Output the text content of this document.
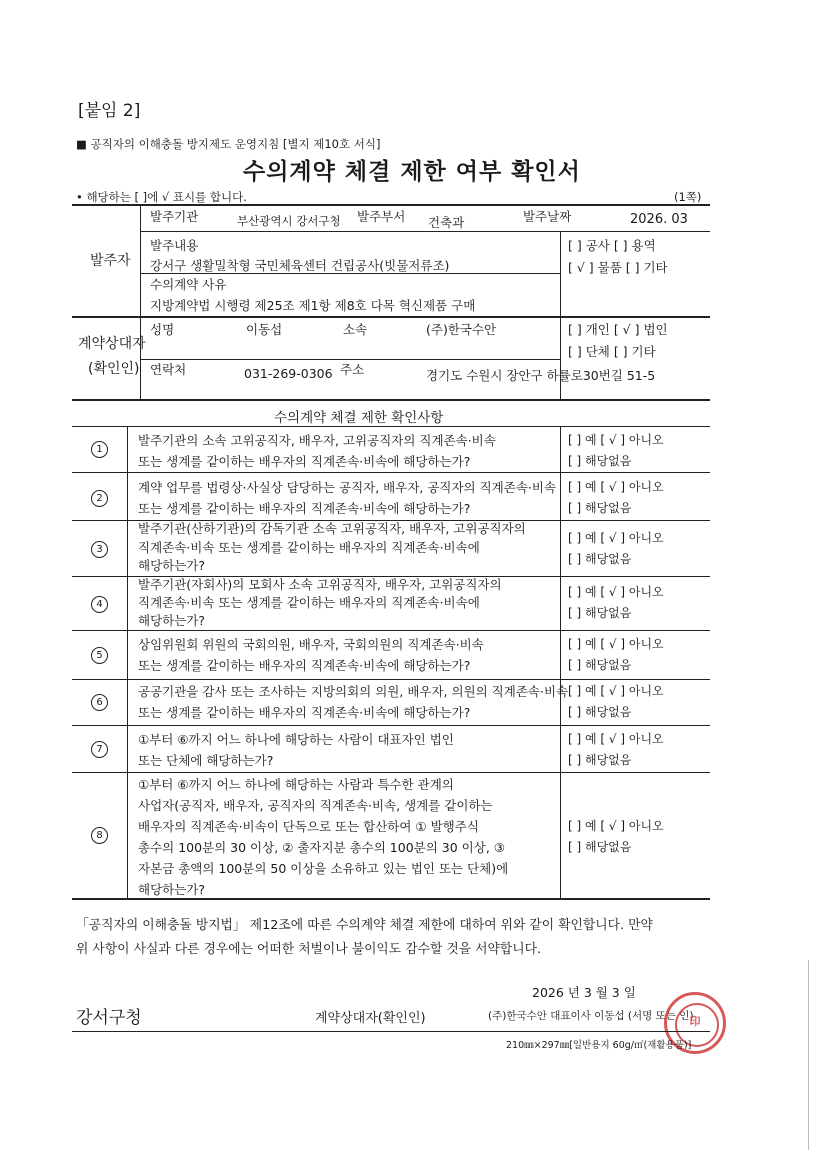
[붙임 2]
■ 공직자의 이해충돌 방지제도 운영지침 [별지 제10호 서식]
수의계약 체결 제한 여부 확인서
• 해당하는 [ ]에 √ 표시를 합니다.	(1쪽)
발주자
발주기관	부산광역시 강서구청 발주부서 건축과	발주날짜	2026. 03
발주내용
강서구 생활밀착형 국민체육센터 건립공사(빗물저류조)
[ ] 공사 [ ] 용역
[ √ ] 물품 [ ] 기타
수의계약 사유
지방계약법 시행령 제25조 제1항 제8호 다목 혁신제품 구매
계약상대자
(확인인)
성명	이동섭	소속	(주)한국수안	[ ] 개인 [ √ ] 법인
[ ] 단체 [ ] 기타
연락처	031-269-0306 주소	경기도 수원시 장안구 하률로30번길 51-5
수의계약 체결 제한 확인사항
1
발주기관의 소속 고위공직자, 배우자, 고위공직자의 직계존속·비속
또는 생계를 같이하는 배우자의 직계존속·비속에 해당하는가?
[ ] 예 [ √ ] 아니오
[ ] 해당없음
2
계약 업무를 법령상·사실상 담당하는 공직자, 배우자, 공직자의 직계존속·비속
또는 생계를 같이하는 배우자의 직계존속·비속에 해당하는가?
[ ] 예 [ √ ] 아니오
[ ] 해당없음
3
발주기관(산하기관)의 감독기관 소속 고위공직자, 배우자, 고위공직자의
직계존속·비속 또는 생계를 같이하는 배우자의 직계존속·비속에
해당하는가?
[ ] 예 [ √ ] 아니오
[ ] 해당없음
4
발주기관(자회사)의 모회사 소속 고위공직자, 배우자, 고위공직자의
직계존속·비속 또는 생계를 같이하는 배우자의 직계존속·비속에
해당하는가?
[ ] 예 [ √ ] 아니오
[ ] 해당없음
5
상임위원회 위원의 국회의원, 배우자, 국회의원의 직계존속·비속
또는 생계를 같이하는 배우자의 직계존속·비속에 해당하는가?
[ ] 예 [ √ ] 아니오
[ ] 해당없음
6
공공기관을 감사 또는 조사하는 지방의회의 의원, 배우자, 의원의 직계존속·비속
또는 생계를 같이하는 배우자의 직계존속·비속에 해당하는가?
[ ] 예 [ √ ] 아니오
[ ] 해당없음
7
①부터 ⑥까지 어느 하나에 해당하는 사람이 대표자인 법인
또는 단체에 해당하는가?
[ ] 예 [ √ ] 아니오
[ ] 해당없음
8
①부터 ⑥까지 어느 하나에 해당하는 사람과 특수한 관계의
사업자(공직자, 배우자, 공직자의 직계존속·비속, 생계를 같이하는
배우자의 직계존속·비속이 단독으로 또는 합산하여 ① 발행주식
총수의 100분의 30 이상, ② 출자지분 총수의 100분의 30 이상, ③
자본금 총액의 100분의 50 이상을 소유하고 있는 법인 또는 단체)에
해당하는가?
[ ] 예 [ √ ] 아니오
[ ] 해당없음
「공직자의 이해충돌 방지법」 제12조에 따른 수의계약 체결 제한에 대하여 위와 같이 확인합니다. 만약
위 사항이 사실과 다른 경우에는 어떠한 처벌이나 불이익도 감수할 것을 서약합니다.
2026 년 3 월 3 일
강서구청	계약상대자(확인인)	(주)한국수안 대표이사 이동섭 (서명 또는 인)
印
210㎜×297㎜[일반용지 60g/㎡(재활용품)]
